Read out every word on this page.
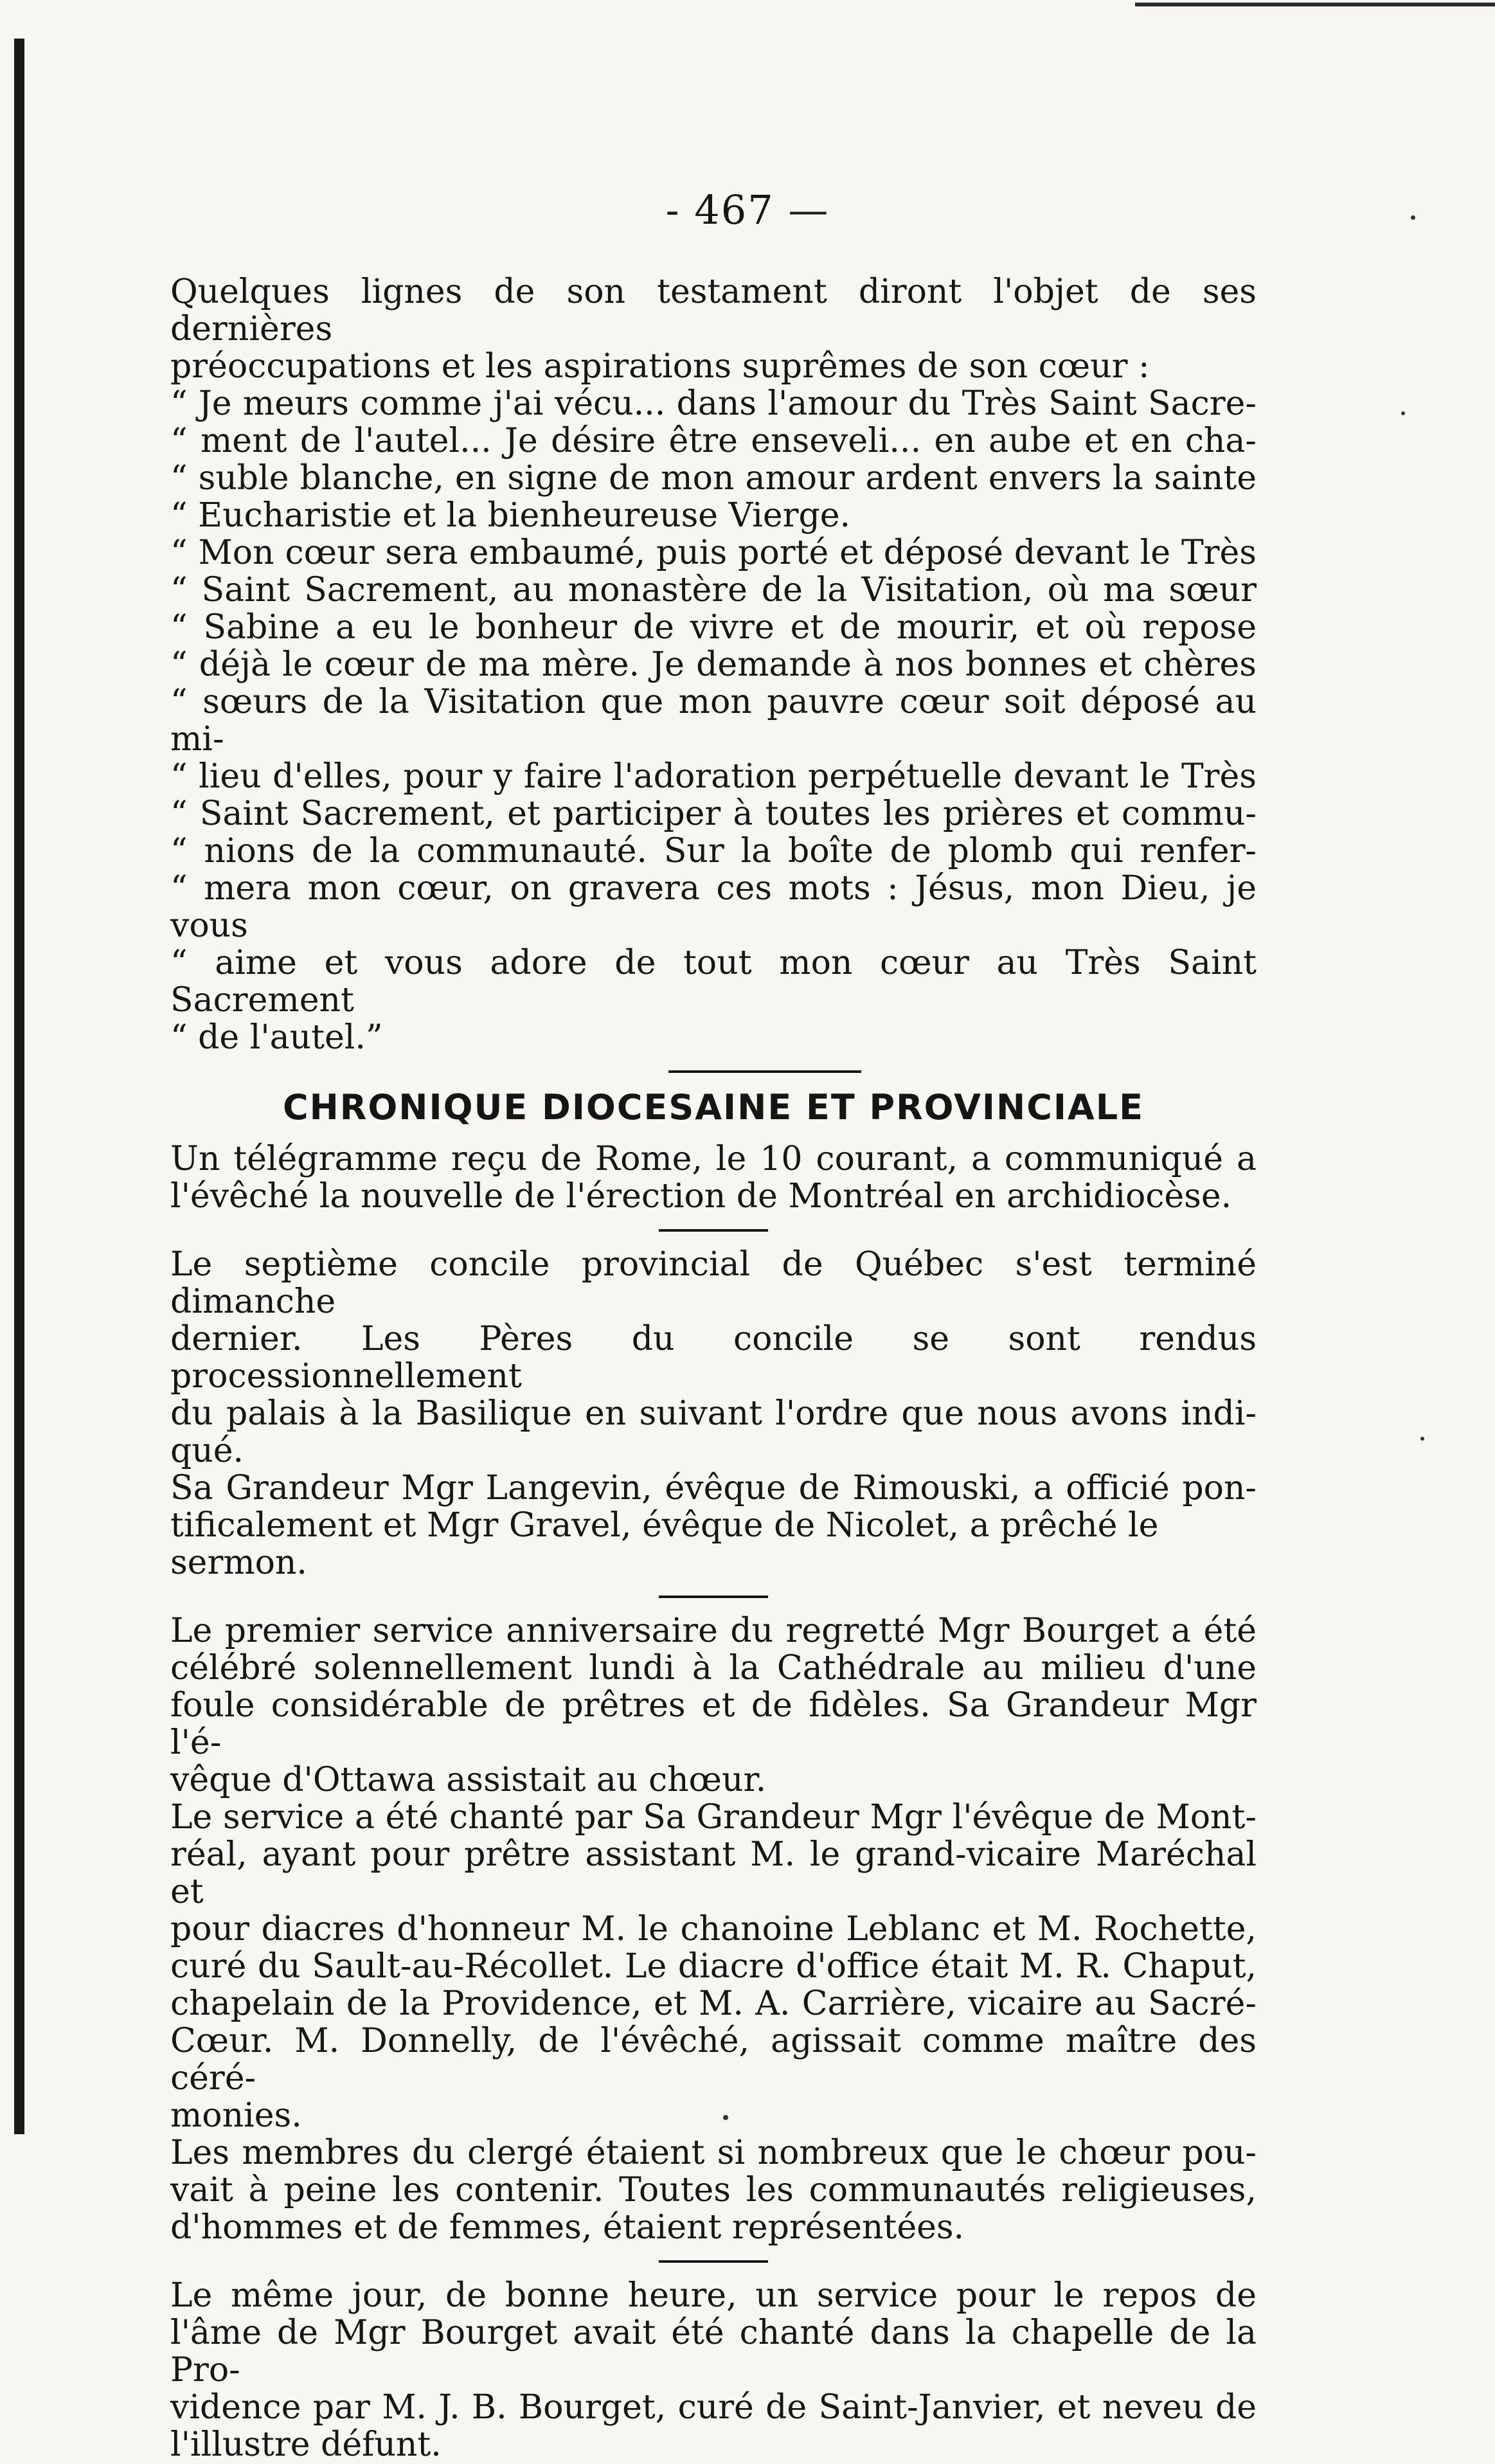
- 467 —

Quelques lignes de son testament diront l'objet de ses dernières

préoccupations et les aspirations suprêmes de son cœur :

“ Je meurs comme j'ai vécu... dans l'amour du Très Saint Sacre-

“ ment de l'autel... Je désire être enseveli... en aube et en cha-

“ suble blanche, en signe de mon amour ardent envers la sainte

“ Eucharistie et la bienheureuse Vierge.

“ Mon cœur sera embaumé, puis porté et déposé devant le Très

“ Saint Sacrement, au monastère de la Visitation, où ma sœur

“ Sabine a eu le bonheur de vivre et de mourir, et où repose

“ déjà le cœur de ma mère. Je demande à nos bonnes et chères

“ sœurs de la Visitation que mon pauvre cœur soit déposé au mi-

“ lieu d'elles, pour y faire l'adoration perpétuelle devant le Très

“ Saint Sacrement, et participer à toutes les prières et commu-

“ nions de la communauté. Sur la boîte de plomb qui renfer-

“ mera mon cœur, on gravera ces mots : Jésus, mon Dieu, je vous

“ aime et vous adore de tout mon cœur au Très Saint Sacrement

“ de l'autel.”

CHRONIQUE DIOCESAINE ET PROVINCIALE

Un télégramme reçu de Rome, le 10 courant, a communiqué a

l'évêché la nouvelle de l'érection de Montréal en archidiocèse.

Le septième concile provincial de Québec s'est terminé dimanche

dernier. Les Pères du concile se sont rendus processionnellement

du palais à la Basilique en suivant l'ordre que nous avons indi-

qué.

Sa Grandeur Mgr Langevin, évêque de Rimouski, a officié pon-

tificalement et Mgr Gravel, évêque de Nicolet, a prêché le sermon.

Le premier service anniversaire du regretté Mgr Bourget a été

célébré solennellement lundi à la Cathédrale au milieu d'une

foule considérable de prêtres et de fidèles. Sa Grandeur Mgr l'é-

vêque d'Ottawa assistait au chœur.

Le service a été chanté par Sa Grandeur Mgr l'évêque de Mont-

réal, ayant pour prêtre assistant M. le grand-vicaire Maréchal et

pour diacres d'honneur M. le chanoine Leblanc et M. Rochette,

curé du Sault-au-Récollet. Le diacre d'office était M. R. Chaput,

chapelain de la Providence, et M. A. Carrière, vicaire au Sacré-

Cœur. M. Donnelly, de l'évêché, agissait comme maître des céré-

monies.

Les membres du clergé étaient si nombreux que le chœur pou-

vait à peine les contenir. Toutes les communautés religieuses,

d'hommes et de femmes, étaient représentées.

Le même jour, de bonne heure, un service pour le repos de

l'âme de Mgr Bourget avait été chanté dans la chapelle de la Pro-

vidence par M. J. B. Bourget, curé de Saint-Janvier, et neveu de

l'illustre défunt.
